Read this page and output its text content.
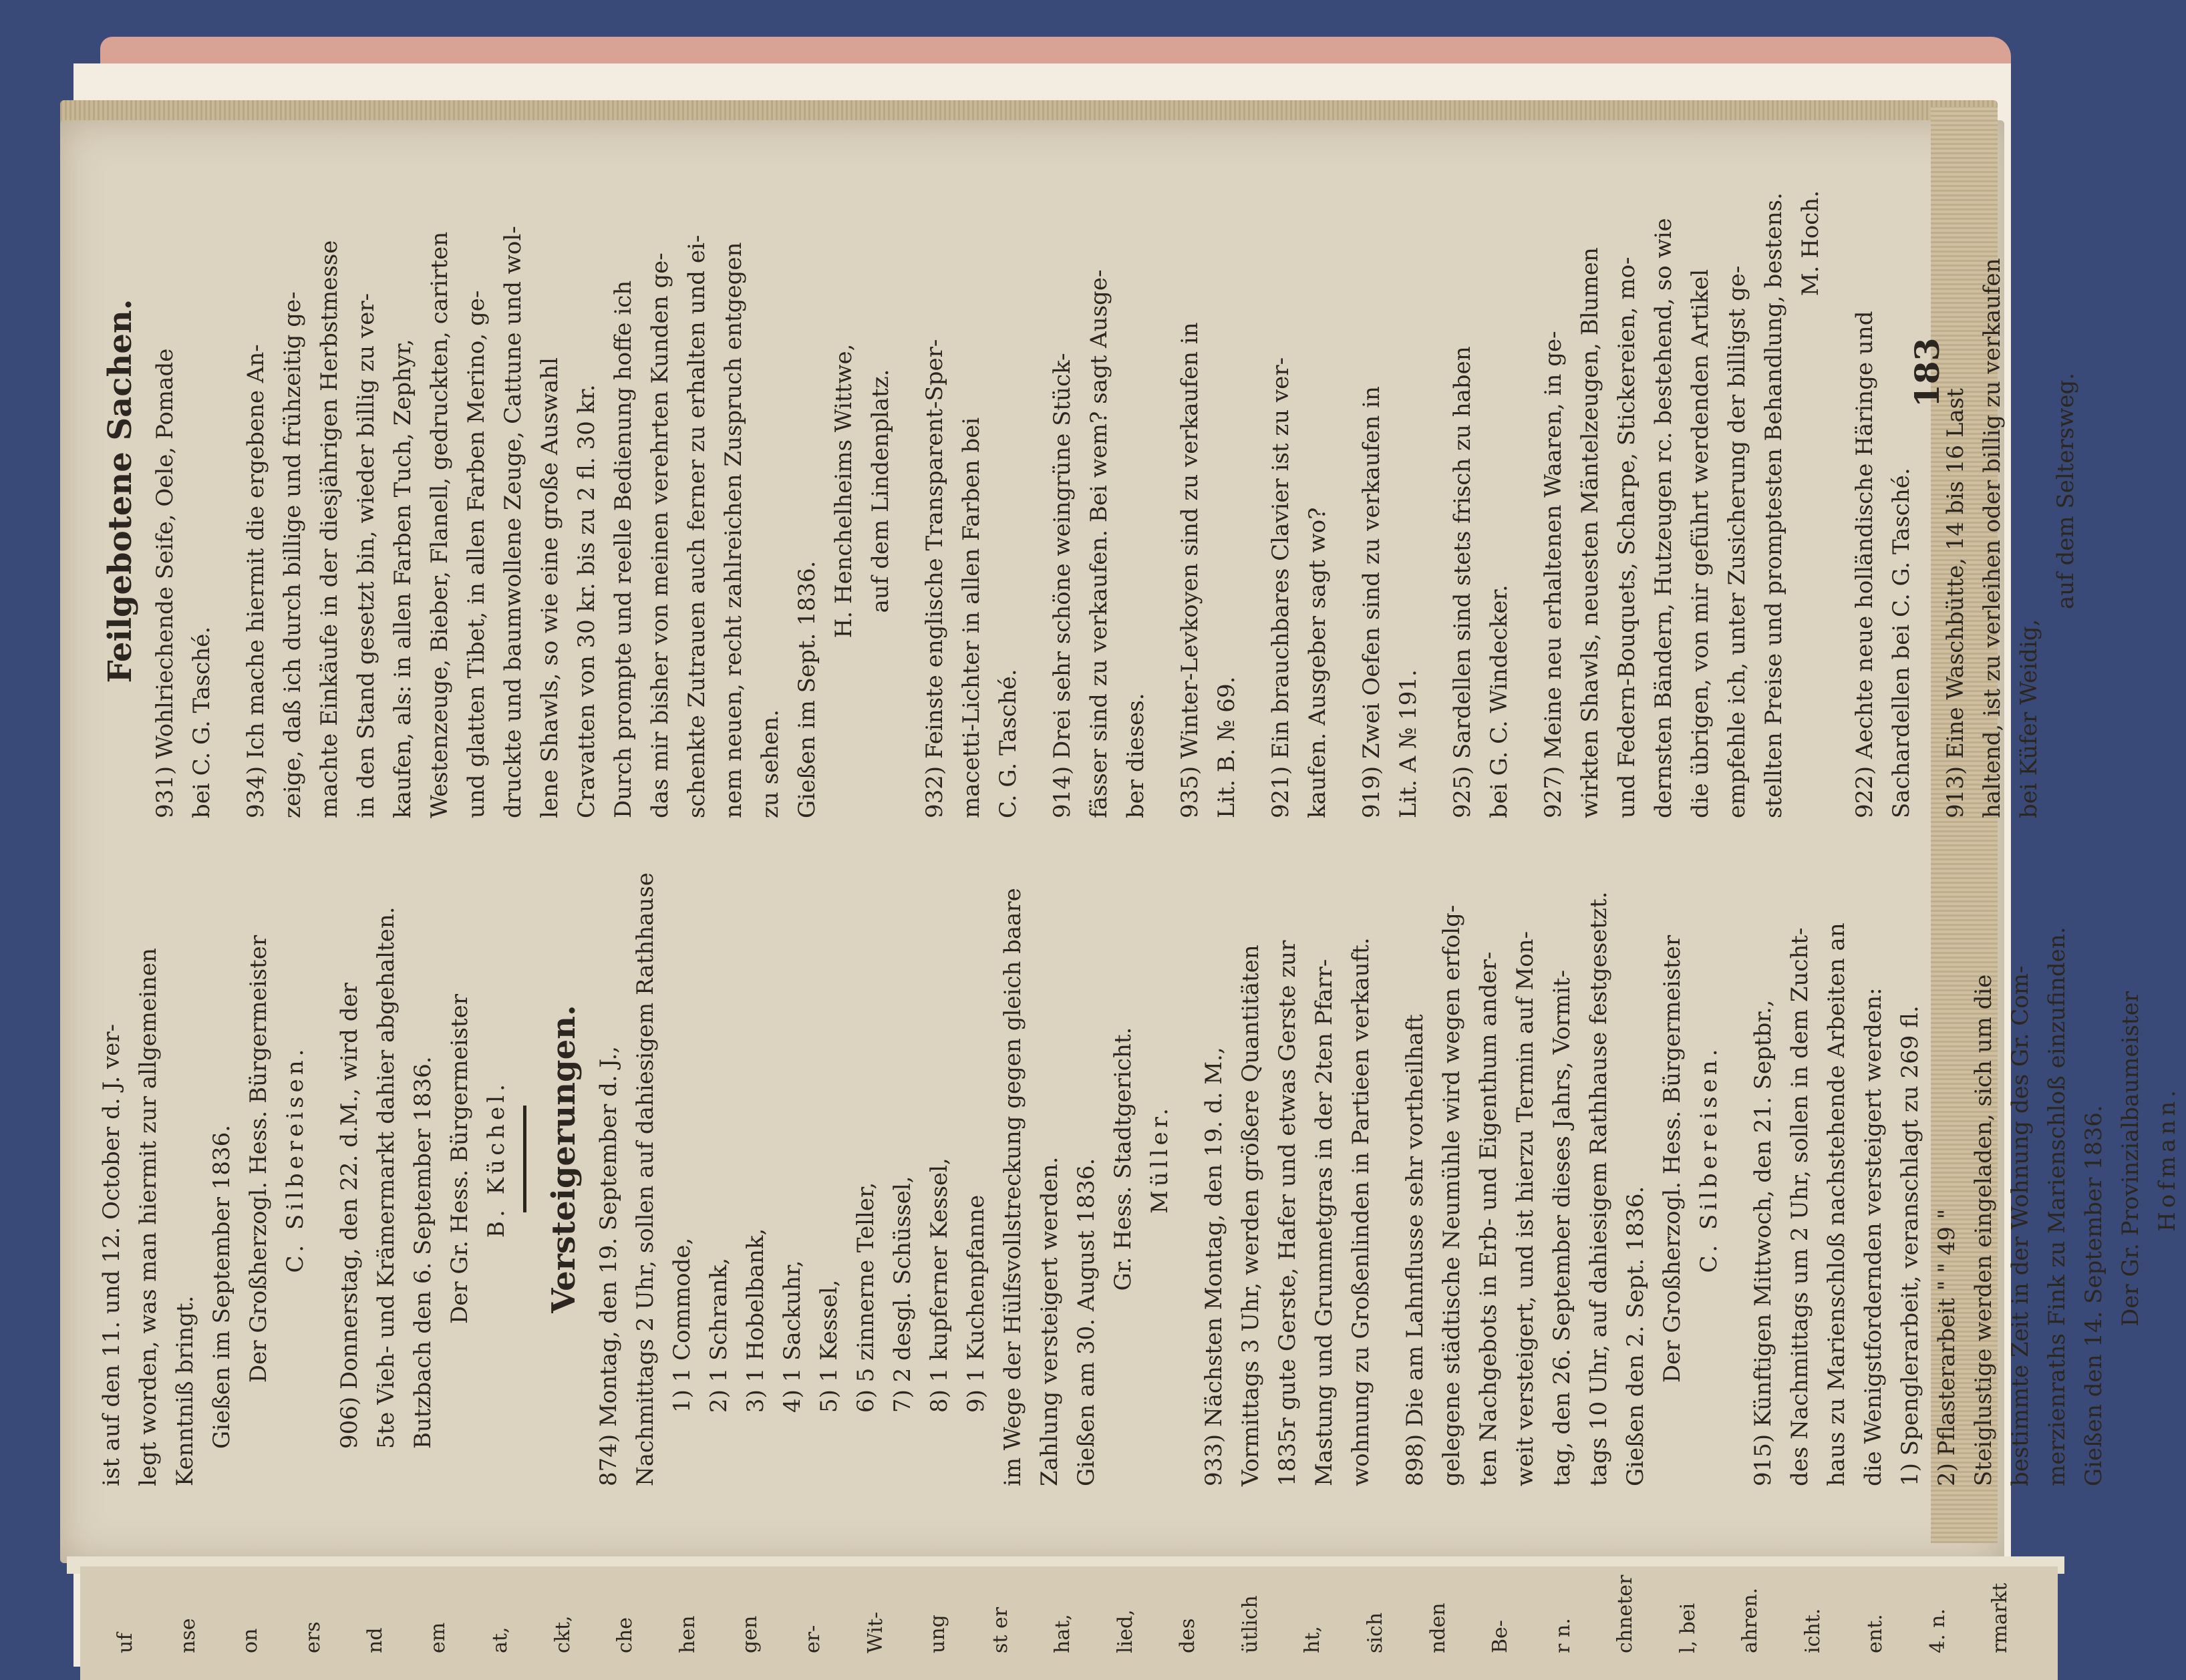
uf nse on ers nd em at, ckt, che hen gen er- Wit- ung st er hat, lied, des ütlich ht, sich nden Be- r n. chneter l, bei ahren. icht. ent. 4. n. rmarkt
183

ist auf den 11. und 12. October d. J. ver- legt worden, was man hiermit zur allgemeinen Kenntniß bringt. Gießen im September 1836. Der Großherzogl. Hess. Bürgermeister C. Silbereisen. 906) Donnerstag, den 22. d.M., wird der 5te Vieh- und Krämermarkt dahier abgehalten. Butzbach den 6. September 1836. Der Gr. Hess. Bürgermeister B. Küchel. Versteigerungen. 874) Montag, den 19. September d. J., Nachmittags 2 Uhr, sollen auf dahiesigem Rathhause 1) 1 Commode, 2) 1 Schrank, 3) 1 Hobelbank, 4) 1 Sackuhr, 5) 1 Kessel, 6) 5 zinnerne Teller, 7) 2 desgl. Schüssel, 8) 1 kupferner Kessel, 9) 1 Kuchenpfanne im Wege der Hülfsvollstreckung gegen gleich baare Zahlung versteigert werden. Gießen am 30. August 1836. Gr. Hess. Stadtgericht. Müller. 933) Nächsten Montag, den 19. d. M., Vormittags 3 Uhr, werden größere Quantitäten 1835r gute Gerste, Hafer und etwas Gerste zur Mastung und Grummetgras in der 2ten Pfarr- wohnung zu Großenlinden in Partieen verkauft. 898) Die am Lahnflusse sehr vortheilhaft gelegene städtische Neumühle wird wegen erfolg- ten Nachgebots in Erb- und Eigenthum ander- weit versteigert, und ist hierzu Termin auf Mon- tag, den 26. September dieses Jahrs, Vormit- tags 10 Uhr, auf dahiesigem Rathhause festgesetzt. Gießen den 2. Sept. 1836. Der Großherzogl. Hess. Bürgermeister C. Silbereisen. 915) Künftigen Mittwoch, den 21. Septbr., des Nachmittags um 2 Uhr, sollen in dem Zucht- haus zu Marienschloß nachstehende Arbeiten an die Wenigstfordernden versteigert werden: 1) Spenglerarbeit, veranschlagt zu 269 fl. 2) Pflasterarbeit " " 49 " Steiglustige werden eingeladen, sich um die bestimmte Zeit in der Wohnung des Gr. Com- merzienraths Fink zu Marienschloß einzufinden. Gießen den 14. September 1836. Der Gr. Provinzialbaumeister Hofmann.

Feilgebotene Sachen. 931) Wohlriechende Seife, Oele, Pomade bei C. G. Tasché. 934) Ich mache hiermit die ergebene An- zeige, daß ich durch billige und frühzeitig ge- machte Einkäufe in der diesjährigen Herbstmesse in den Stand gesetzt bin, wieder billig zu ver- kaufen, als: in allen Farben Tuch, Zephyr, Westenzeuge, Bieber, Flanell, gedruckten, carirten und glatten Tibet, in allen Farben Merino, ge- druckte und baumwollene Zeuge, Cattune und wol- lene Shawls, so wie eine große Auswahl Cravatten von 30 kr. bis zu 2 fl. 30 kr. Durch prompte und reelle Bedienung hoffe ich das mir bisher von meinen verehrten Kunden ge- schenkte Zutrauen auch ferner zu erhalten und ei- nem neuen, recht zahlreichen Zuspruch entgegen zu sehen. Gießen im Sept. 1836.

H. Henchelheims Wittwe, auf dem Lindenplatz. 932) Feinste englische Transparent-Sper- macetti-Lichter in allen Farben bei C. G. Tasché. 914) Drei sehr schöne weingrüne Stück- fässer sind zu verkaufen. Bei wem? sagt Ausge- ber dieses. 935) Winter-Levkoyen sind zu verkaufen in Lit. B. № 69. 921) Ein brauchbares Clavier ist zu ver- kaufen. Ausgeber sagt wo? 919) Zwei Oefen sind zu verkaufen in Lit. A № 191. 925) Sardellen sind stets frisch zu haben bei G. C. Windecker. 927) Meine neu erhaltenen Waaren, in ge- wirkten Shawls, neuesten Mäntelzeugen, Blumen und Federn-Bouquets, Scharpe, Stickereien, mo- dernsten Bändern, Hutzeugen rc. bestehend, so wie die übrigen, von mir geführt werdenden Artikel empfehle ich, unter Zusicherung der billigst ge- stellten Preise und promptesten Behandlung, bestens. M. Hoch.

922) Aechte neue holländische Häringe und Sachardellen bei C. G. Tasché. 913) Eine Waschbütte, 14 bis 16 Last haltend, ist zu verleihen oder billig zu verkaufen bei Küfer Weidig,

auf dem Seltersweg.
